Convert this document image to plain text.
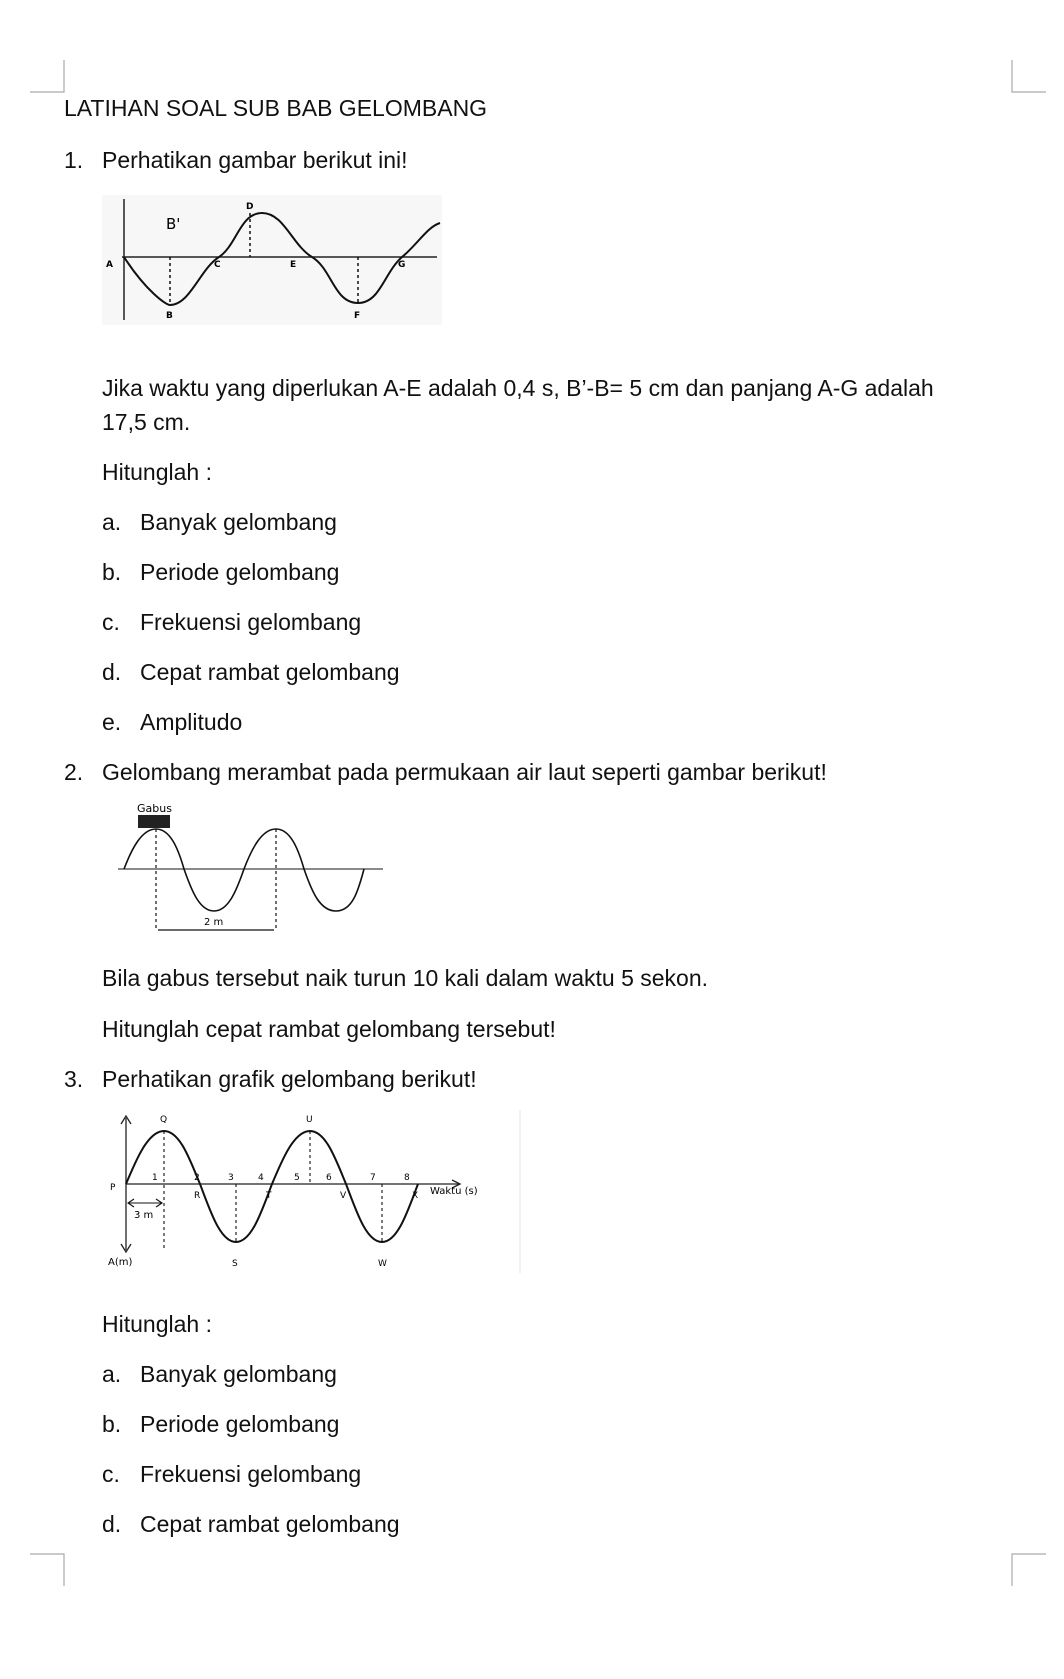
LATIHAN SOAL SUB BAB GELOMBANG
1. Perhatikan gambar berikut ini!
A
B
B'
C
D
E
F
G
Jika waktu yang diperlukan A-E adalah 0,4 s, B’-B= 5 cm dan panjang A-G adalah
17,5 cm.
Hitunglah :
a. Banyak gelombang
b. Periode gelombang
c. Frekuensi gelombang
d. Cepat rambat gelombang
e. Amplitudo
2. Gelombang merambat pada permukaan air laut seperti gambar berikut!
Gabus
2 m
Bila gabus tersebut naik turun 10 kali dalam waktu 5 sekon.
Hitunglah cepat rambat gelombang tersebut!
3. Perhatikan grafik gelombang berikut!
3 m
Q	U
P
R	T	V	X
S	W
1	2	3	4	5	6	7	8
Waktu (s)
A(m)
Hitunglah :
a. Banyak gelombang
b. Periode gelombang
c. Frekuensi gelombang
d. Cepat rambat gelombang
